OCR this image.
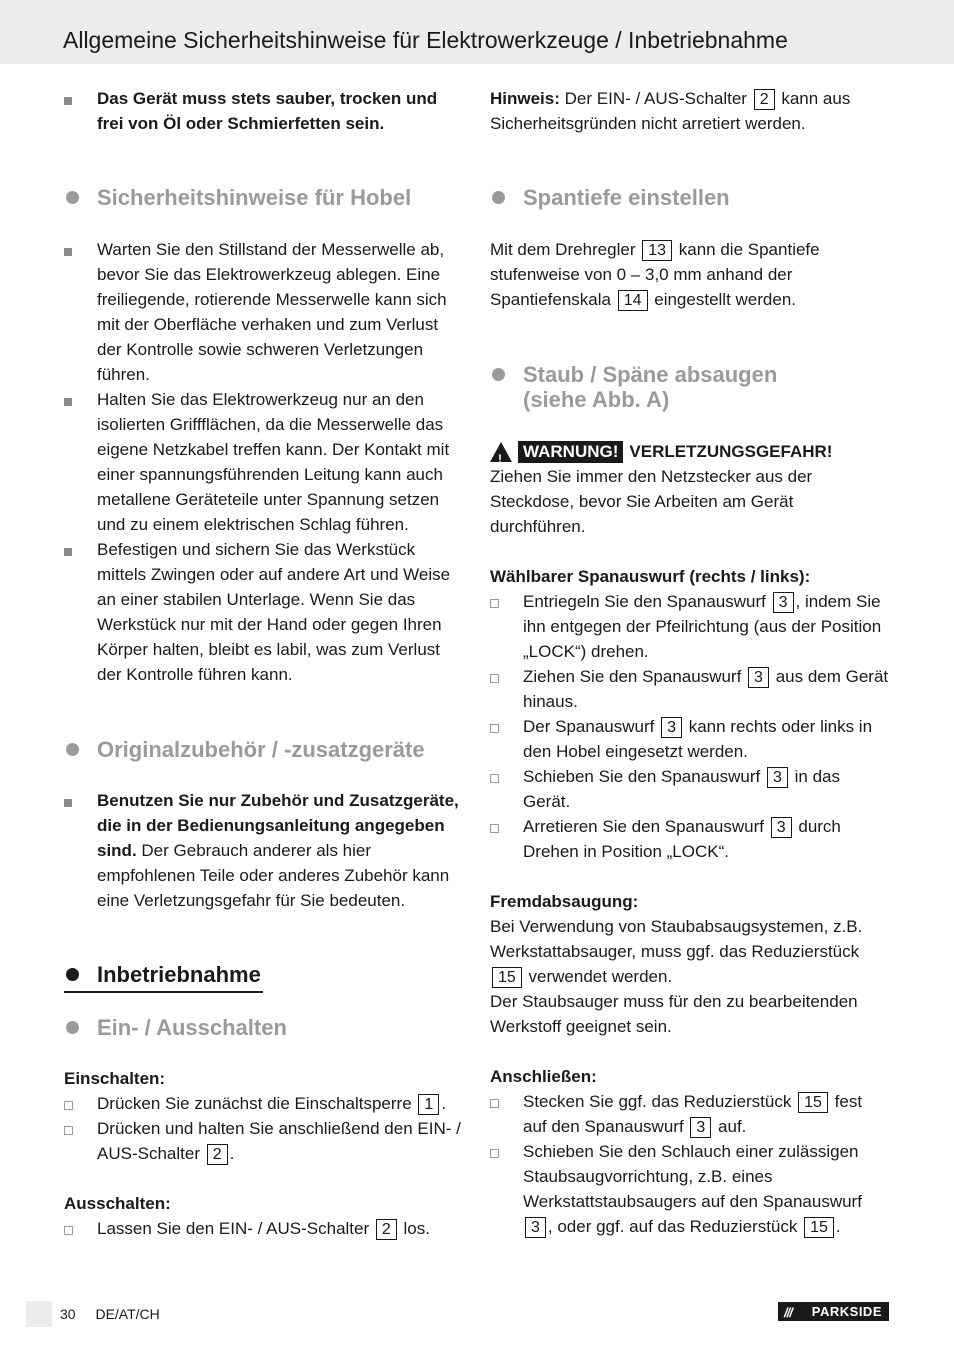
Allgemeine Sicherheitshinweise für Elektrowerkzeuge / Inbetriebnahme
Das Gerät muss stets sauber, trocken und frei von Öl oder Schmierfetten sein.
Sicherheitshinweise für Hobel
Warten Sie den Stillstand der Messerwelle ab, bevor Sie das Elektrowerkzeug ablegen. Eine freiliegende, rotierende Messerwelle kann sich mit der Oberfläche verhaken und zum Verlust der Kontrolle sowie schweren Verletzungen führen.
Halten Sie das Elektrowerkzeug nur an den isolierten Griffflächen, da die Messerwelle das eigene Netzkabel treffen kann. Der Kontakt mit einer spannungsführenden Leitung kann auch metallene Geräteteile unter Spannung setzen und zu einem elektrischen Schlag führen.
Befestigen und sichern Sie das Werkstück mittels Zwingen oder auf andere Art und Weise an einer stabilen Unterlage. Wenn Sie das Werkstück nur mit der Hand oder gegen Ihren Körper halten, bleibt es labil, was zum Verlust der Kontrolle führen kann.
Originalzubehör / -zusatzgeräte
Benutzen Sie nur Zubehör und Zusatzgeräte, die in der Bedienungsanleitung angegeben sind. Der Gebrauch anderer als hier empfohlenen Teile oder anderes Zubehör kann eine Verletzungsgefahr für Sie bedeuten.
Inbetriebnahme
Ein- / Ausschalten

Einschalten:

Drücken Sie zunächst die Einschaltsperre 1 .
Drücken und halten Sie anschließend den EIN- / AUS-Schalter 2 .

Ausschalten:

Lassen Sie den EIN- / AUS-Schalter 2 los.

Hinweis: Der EIN- / AUS-Schalter 2 kann aus Sicherheitsgründen nicht arretiert werden.

Spantiefe einstellen

Mit dem Drehregler 13 kann die Spantiefe stufenweise von 0 – 3,0 mm anhand der Spantiefenskala 14 eingestellt werden.

Staub / Späne absaugen
(siehe Abb. A)
! WARNUNG! VERLETZUNGSGEFAHR!

Ziehen Sie immer den Netzstecker aus der Steckdose, bevor Sie Arbeiten am Gerät durchführen.

Wählbarer Spanauswurf (rechts / links):

Entriegeln Sie den Spanauswurf 3 , indem Sie ihn entgegen der Pfeilrichtung (aus der Position „LOCK“) drehen.
Ziehen Sie den Spanauswurf 3 aus dem Gerät hinaus.
Der Spanauswurf 3 kann rechts oder links in den Hobel eingesetzt werden.
Schieben Sie den Spanauswurf 3 in das Gerät.
Arretieren Sie den Spanauswurf 3 durch Drehen in Position „LOCK“.

Fremdabsaugung:

Bei Verwendung von Staubabsaugsystemen, z.B. Werkstattabsauger, muss ggf. das Reduzierstück 15 verwendet werden.

Der Staubsauger muss für den zu bearbeitenden Werkstoff geeignet sein.

Anschließen:

Stecken Sie ggf. das Reduzierstück 15 fest auf den Spanauswurf 3 auf.
Schieben Sie den Schlauch einer zulässigen Staubsaugvorrichtung, z.B. eines Werkstattstaubsaugers auf den Spanauswurf 3 , oder ggf. auf das Reduzierstück 15 .
30 DE/AT/CH	/// PARKSIDE
